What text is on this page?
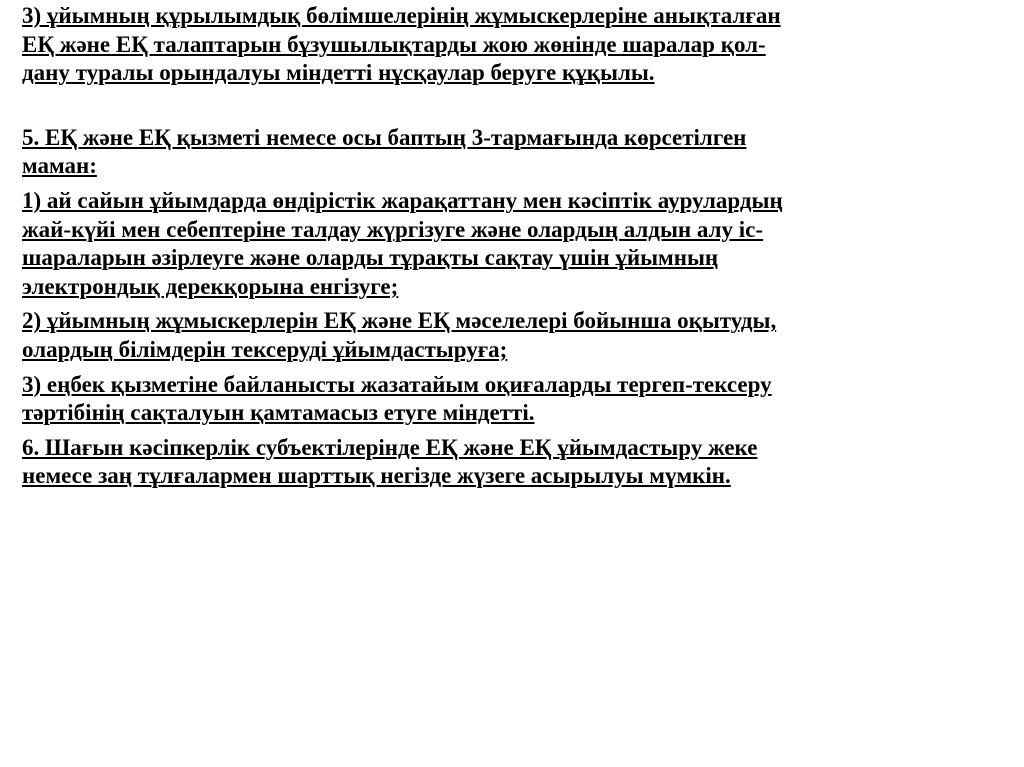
3) ұйымның құрылымдық бөлімшелерінің жұмыскерлеріне анықталған
ЕҚ және ЕҚ талаптарын бұзушылықтарды жою жөнінде шаралар қол-
дану туралы орындалуы міндетті нұсқаулар беруге құқылы.
5. ЕҚ және ЕҚ қызметі немесе осы баптың 3-тармағында көрсетілген
маман:
1) ай сайын ұйымдарда өндірістік жарақаттану мен кәсіптік аурулардың
жай-күйі мен себептеріне талдау жүргізуге және олардың алдын алу іс-
шараларын әзірлеуге және оларды тұрақты сақтау үшін ұйымның
электрондық дерекқорына енгізуге;
2) ұйымның жұмыскерлерін ЕҚ және ЕҚ мәселелері бойынша оқытуды,
олардың білімдерін тексеруді ұйымдастыруға;
3) еңбек қызметіне байланысты жазатайым оқиғаларды тергеп-тексеру
тәртібінің сақталуын қамтамасыз етуге міндетті.
6. Шағын кәсіпкерлік субъектілерінде ЕҚ және ЕҚ ұйымдастыру жеке
немесе заң тұлғалармен шарттық негізде жүзеге асырылуы мүмкін.
